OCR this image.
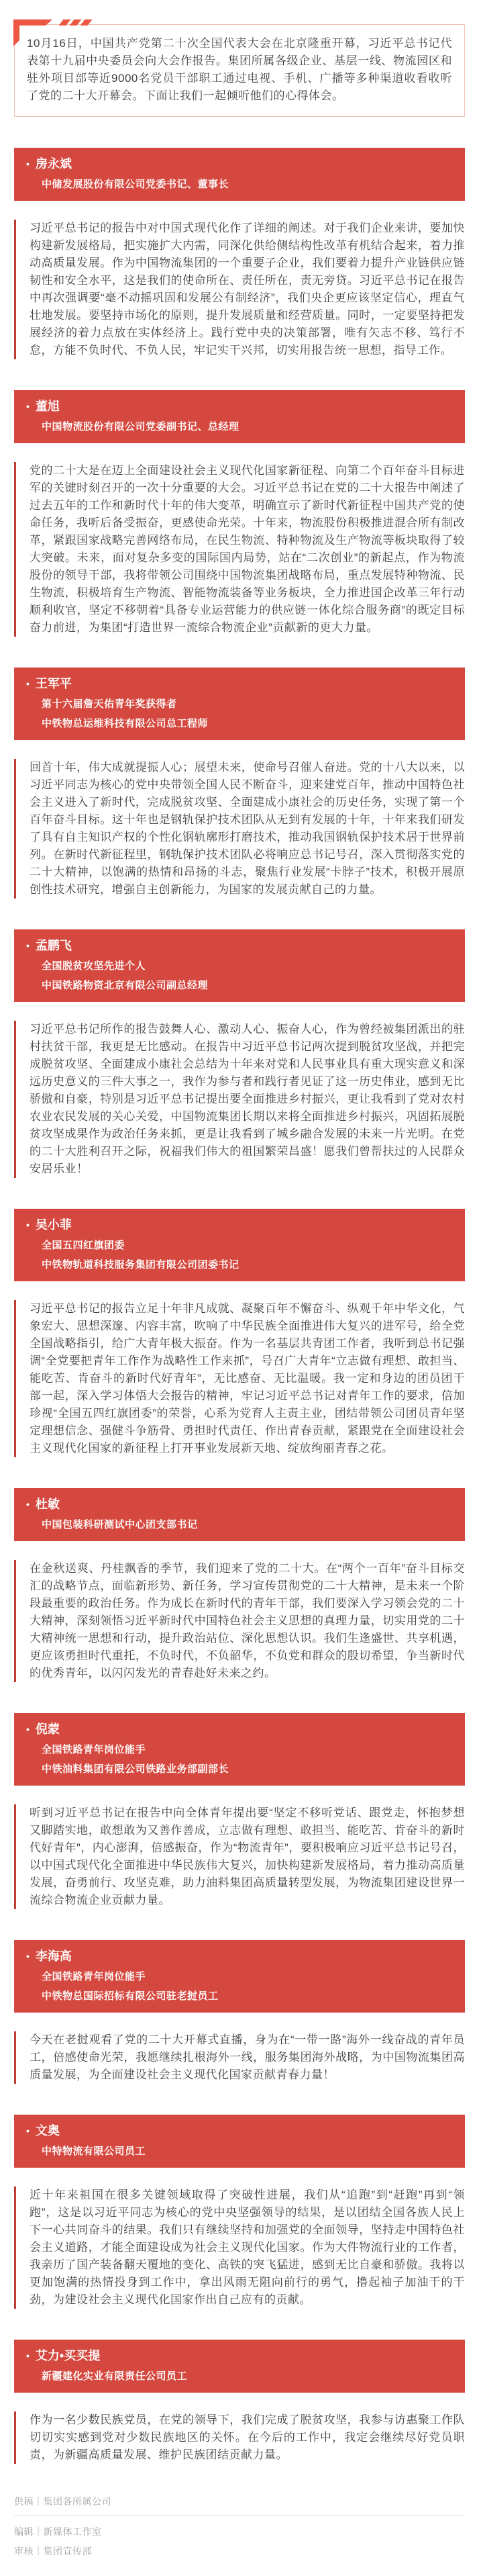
10月16日，中国共产党第二十次全国代表大会在北京隆重开幕，习近平总书记代表第十九届中央委员会向大会作报告。集团所属各级企业、基层一线、物流园区和驻外项目部等近9000名党员干部职工通过电视、手机、广播等多种渠道收看收听了党的二十大开幕会。下面让我们一起倾听他们的心得体会。
• 房永斌
中储发展股份有限公司党委书记、董事长
习近平总书记的报告中对中国式现代化作了详细的阐述。对于我们企业来讲，要加快构建新发展格局，把实施扩大内需，同深化供给侧结构性改革有机结合起来，着力推动高质量发展。作为中国物流集团的一个重要子企业，我们要着力提升产业链供应链韧性和安全水平，这是我们的使命所在、责任所在，责无旁贷。习近平总书记在报告中再次强调要“毫不动摇巩固和发展公有制经济”，我们央企更应该坚定信心，理直气壮地发展。要坚持市场化的原则，提升发展质量和经营质量。同时，一定要坚持把发展经济的着力点放在实体经济上。践行党中央的决策部署，唯有矢志不移、笃行不怠，方能不负时代、不负人民，牢记实干兴邦，切实用报告统一思想，指导工作。
• 董旭
中国物流股份有限公司党委副书记、总经理
党的二十大是在迈上全面建设社会主义现代化国家新征程、向第二个百年奋斗目标进军的关键时刻召开的一次十分重要的大会。习近平总书记在党的二十大报告中阐述了过去五年的工作和新时代十年的伟大变革，明确宣示了新时代新征程中国共产党的使命任务，我听后备受振奋，更感使命光荣。十年来，物流股份积极推进混合所有制改革，紧跟国家战略完善网络布局，在民生物流、特种物流及生产物流等板块取得了较大突破。未来，面对复杂多变的国际国内局势，站在“二次创业”的新起点，作为物流股份的领导干部，我将带领公司围绕中国物流集团战略布局，重点发展特种物流、民生物流，积极培育生产物流、智能物流装备等业务板块，全力推进国企改革三年行动顺利收官，坚定不移朝着“具备专业运营能力的供应链一体化综合服务商”的既定目标奋力前进，为集团“打造世界一流综合物流企业”贡献新的更大力量。
• 王军平
第十六届詹天佑青年奖获得者
中铁物总运维科技有限公司总工程师
回首十年，伟大成就提振人心；展望未来，使命号召催人奋进。党的十八大以来，以习近平同志为核心的党中央带领全国人民不断奋斗，迎来建党百年，推动中国特色社会主义进入了新时代，完成脱贫攻坚、全面建成小康社会的历史任务，实现了第一个百年奋斗目标。这十年也是钢轨保护技术团队从无到有发展的十年，十年来我们研发了具有自主知识产权的个性化钢轨廓形打磨技术，推动我国钢轨保护技术居于世界前列。在新时代新征程里，钢轨保护技术团队必将响应总书记号召，深入贯彻落实党的二十大精神，以饱满的热情和昂扬的斗志，聚焦行业发展“卡脖子”技术，积极开展原创性技术研究，增强自主创新能力，为国家的发展贡献自己的力量。
• 孟鹏飞
全国脱贫攻坚先进个人
中国铁路物资北京有限公司副总经理
习近平总书记所作的报告鼓舞人心、激动人心、振奋人心，作为曾经被集团派出的驻村扶贫干部，我更是无比感动。在报告中习近平总书记两次提到脱贫攻坚战，并把完成脱贫攻坚、全面建成小康社会总结为十年来对党和人民事业具有重大现实意义和深远历史意义的三件大事之一，我作为参与者和践行者见证了这一历史伟业，感到无比骄傲和自豪，特别是习近平总书记提出要全面推进乡村振兴，更让我看到了党对农村农业农民发展的关心关爱，中国物流集团长期以来将全面推进乡村振兴，巩固拓展脱贫攻坚成果作为政治任务来抓，更是让我看到了城乡融合发展的未来一片光明。在党的二十大胜利召开之际，祝福我们伟大的祖国繁荣昌盛！愿我们曾帮扶过的人民群众安居乐业！
• 吴小菲
全国五四红旗团委
中铁物轨道科技服务集团有限公司团委书记
习近平总书记的报告立足十年非凡成就、凝聚百年不懈奋斗、纵观千年中华文化，气象宏大、思想深邃、内容丰富，吹响了中华民族全面推进伟大复兴的进军号，给全党全国战略指引，给广大青年极大振奋。作为一名基层共青团工作者，我听到总书记强调“全党要把青年工作作为战略性工作来抓”，号召广大青年“立志做有理想、敢担当、能吃苦、肯奋斗的新时代好青年”，无比感奋、无比温暖。我一定和身边的团员团干部一起，深入学习体悟大会报告的精神，牢记习近平总书记对青年工作的要求，倍加珍视“全国五四红旗团委”的荣誉，心系为党育人主责主业，团结带领公司团员青年坚定理想信念、强健斗争筋骨、勇担时代责任、作出青春贡献，紧跟党在全面建设社会主义现代化国家的新征程上打开事业发展新天地、绽放绚丽青春之花。
• 杜敏
中国包装科研测试中心团支部书记
在金秋送爽、丹桂飘香的季节，我们迎来了党的二十大。在“两个一百年”奋斗目标交汇的战略节点，面临新形势、新任务，学习宣传贯彻党的二十大精神，是未来一个阶段最重要的政治任务。作为成长在新时代的青年干部，我们要深入学习领会党的二十大精神，深刻领悟习近平新时代中国特色社会主义思想的真理力量，切实用党的二十大精神统一思想和行动，提升政治站位、深化思想认识。我们生逢盛世、共享机遇，更应该勇担时代重托，不负时代，不负韶华，不负党和群众的殷切希望，争当新时代的优秀青年，以闪闪发光的青春赴好未来之约。
• 倪蒙
全国铁路青年岗位能手
中铁油料集团有限公司铁路业务部副部长
听到习近平总书记在报告中向全体青年提出要“坚定不移听党话、跟党走，怀抱梦想又脚踏实地，敢想敢为又善作善成，立志做有理想、敢担当、能吃苦、肯奋斗的新时代好青年”，内心澎湃，倍感振奋，作为“物流青年”，要积极响应习近平总书记号召，以中国式现代化全面推进中华民族伟大复兴，加快构建新发展格局，着力推动高质量发展，奋勇前行、攻坚克难，助力油料集团高质量转型发展，为物流集团建设世界一流综合物流企业贡献力量。
• 李海高
全国铁路青年岗位能手
中铁物总国际招标有限公司驻老挝员工
今天在老挝观看了党的二十大开幕式直播，身为在“一带一路”海外一线奋战的青年员工，倍感使命光荣，我愿继续扎根海外一线，服务集团海外战略，为中国物流集团高质量发展，为全面建设社会主义现代化国家贡献青春力量！
• 文奥
中特物流有限公司员工
近十年来祖国在很多关键领域取得了突破性进展，我们从“追跑”到“赶跑”再到“领跑”，这是以习近平同志为核心的党中央坚强领导的结果，是以团结全国各族人民上下一心共同奋斗的结果。我们只有继续坚持和加强党的全面领导，坚持走中国特色社会主义道路，才能全面建设成为社会主义现代化国家。作为大件物流行业的工作者，我亲历了国产装备翻天覆地的变化、高铁的突飞猛进，感到无比自豪和骄傲。我将以更加饱满的热情投身到工作中，拿出风雨无阻向前行的勇气，撸起袖子加油干的干劲，为建设社会主义现代化国家作出自己应有的贡献。
• 艾力•买买提
新疆建化实业有限责任公司员工
作为一名少数民族党员，在党的领导下，我们完成了脱贫攻坚，我参与访惠聚工作队切切实实感到党对少数民族地区的关怀。在今后的工作中，我定会继续尽好党员职责，为新疆高质量发展、维护民族团结贡献力量。
供稿｜集团各所属公司
编辑｜新媒体工作室
审核｜集团宣传部
